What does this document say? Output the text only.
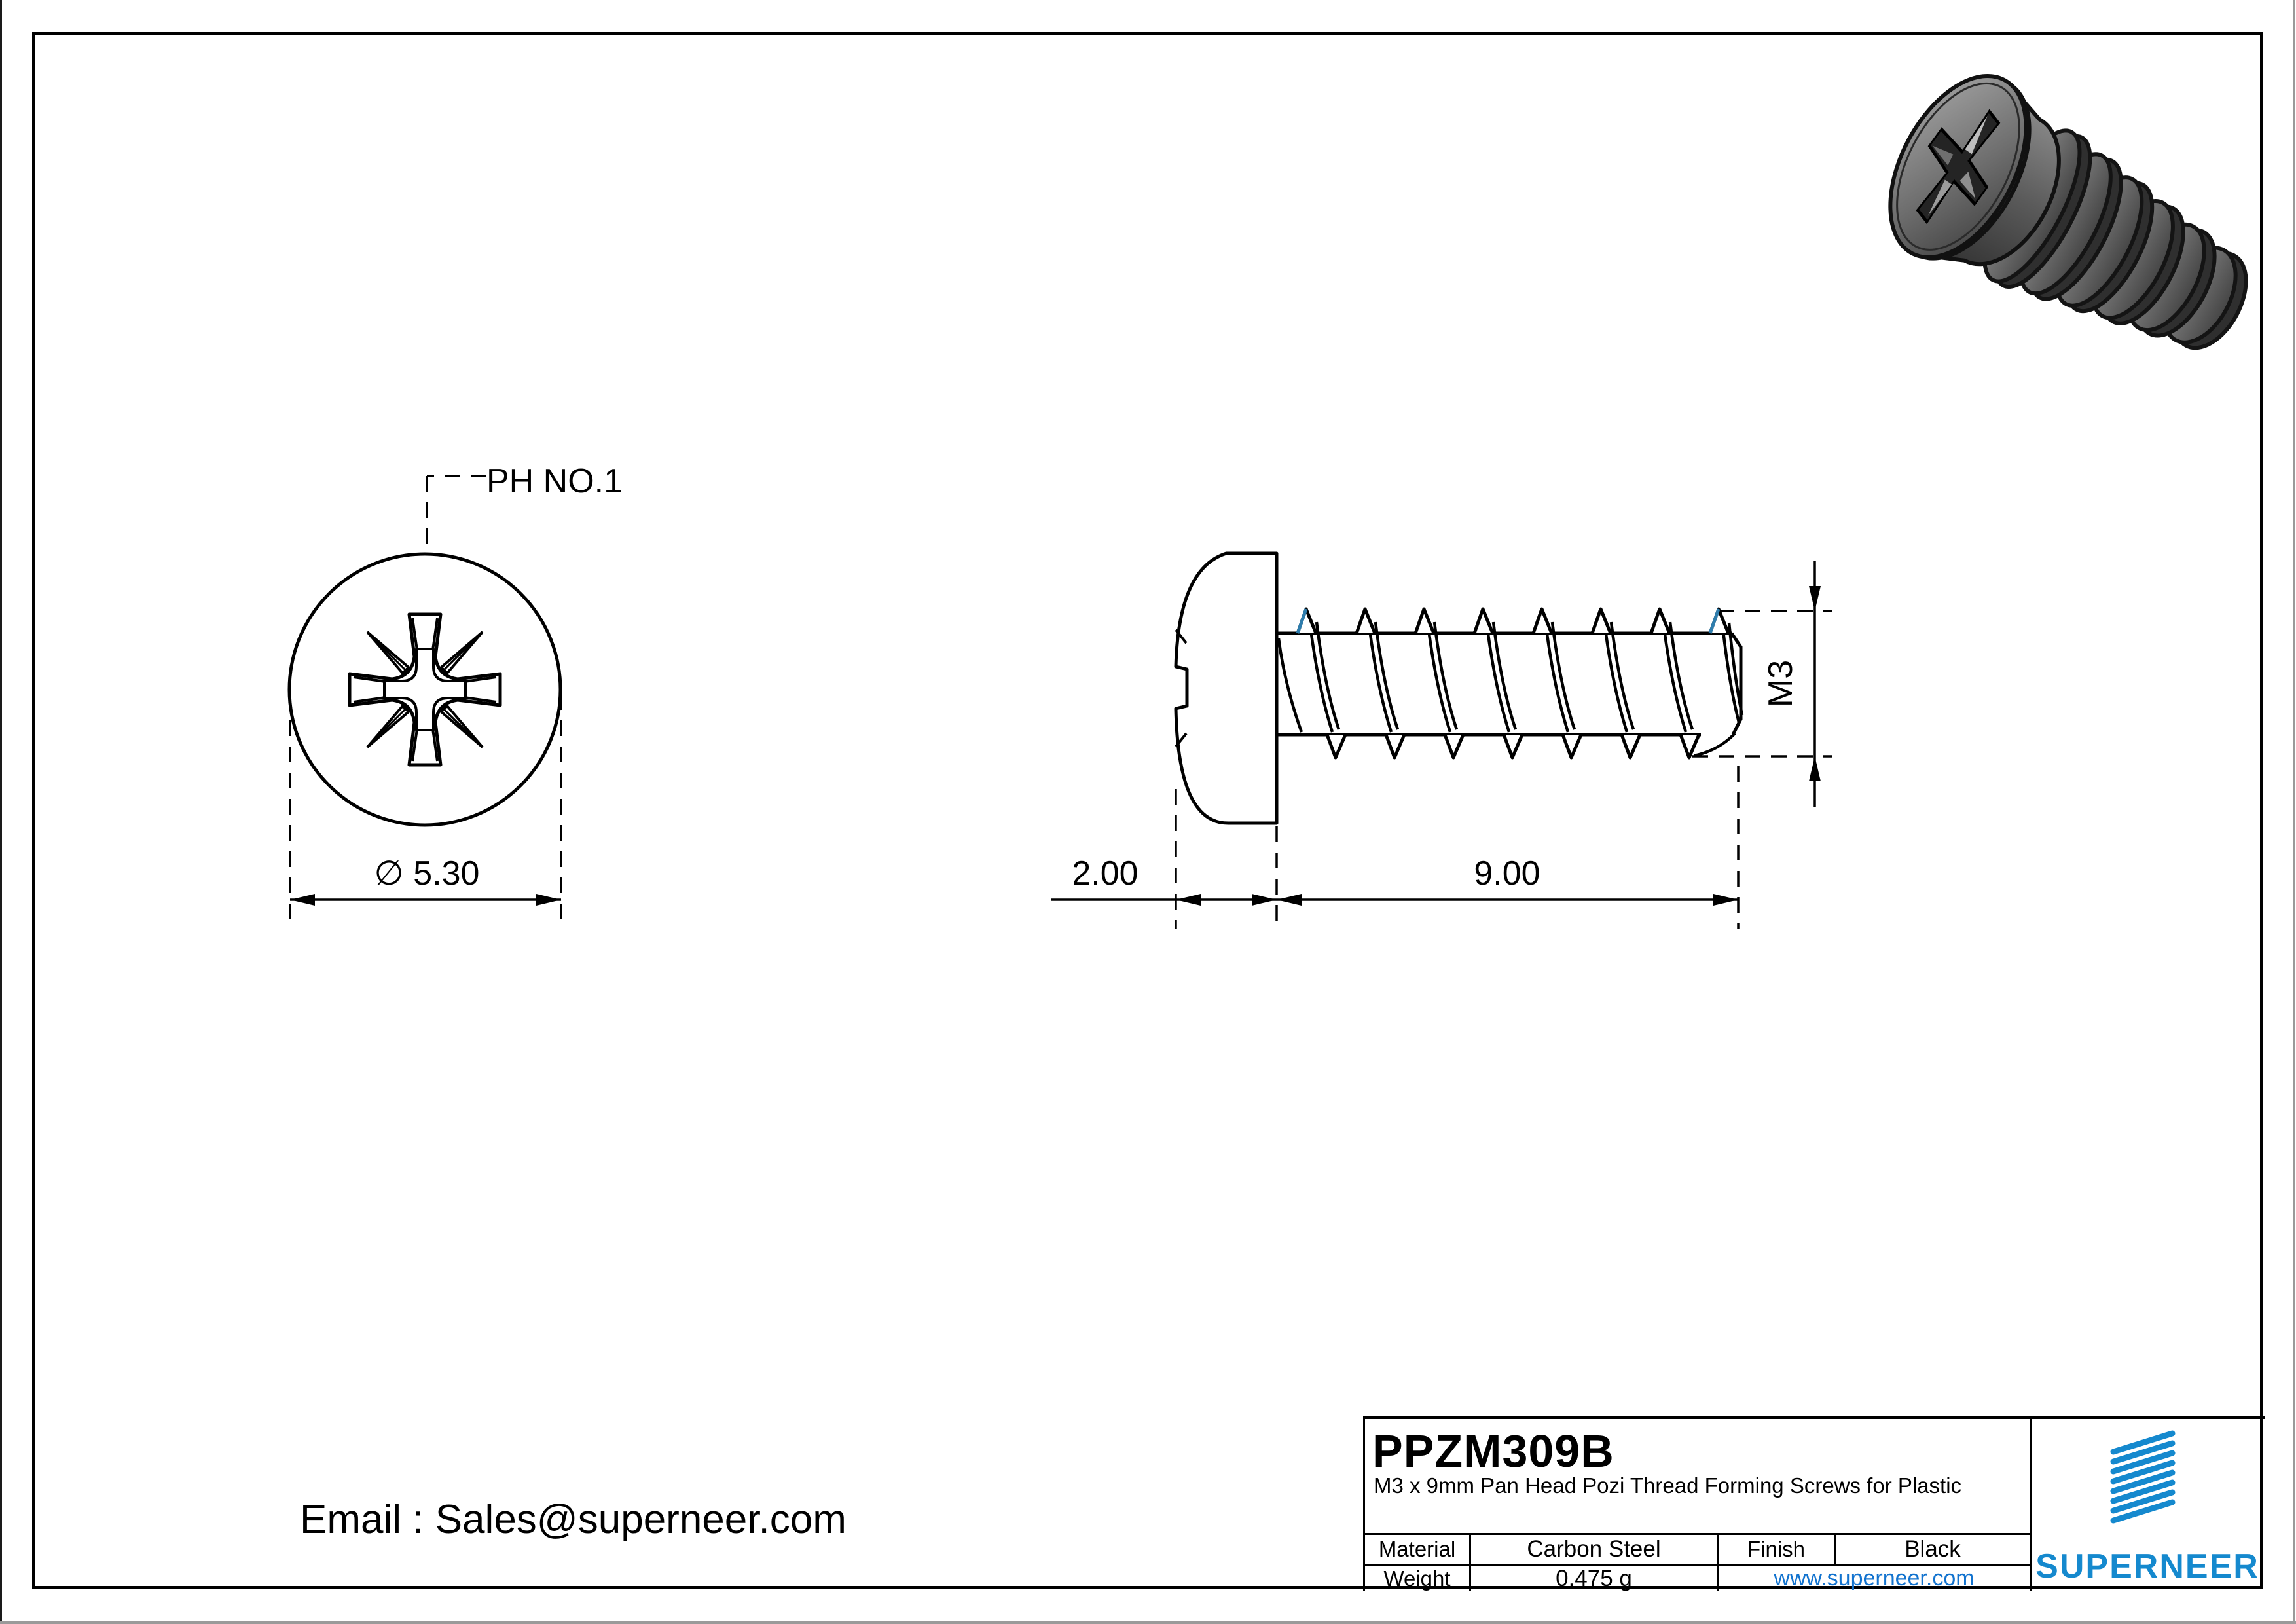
PH NO.1
∅ 5.30	2.00	9.00
M3
Email : Sales@superneer.com
PPZM309B
M3 x 9mm Pan Head Pozi Thread Forming Screws for Plastic
Material	Carbon Steel	Finish	Black
Weight	0.475 g	www.superneer.com	SUPERNEER
